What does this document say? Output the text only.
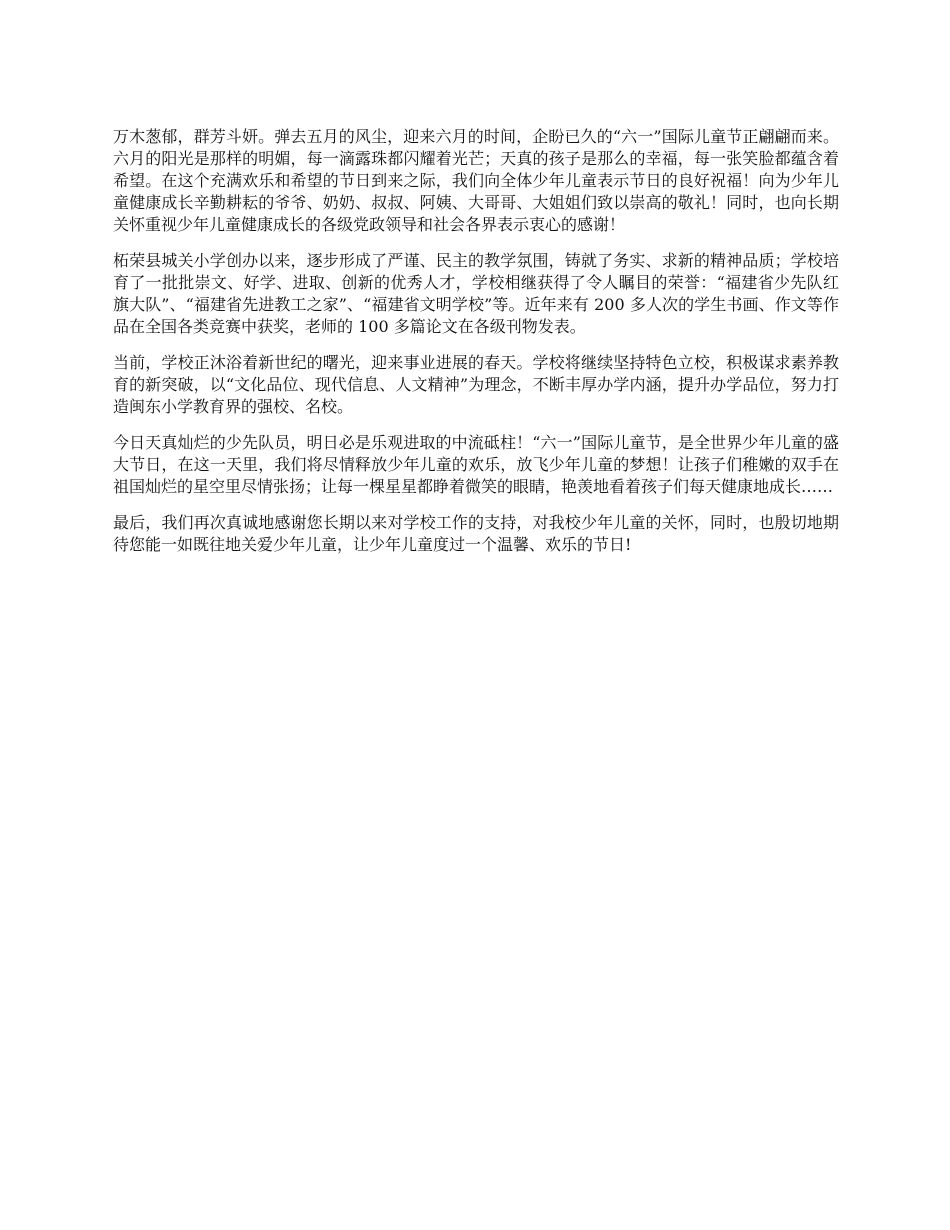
万木葱郁，群芳斗妍。弹去五月的风尘，迎来六月的时间，企盼已久的“六一”国际儿童节正翩翩而来。六月的阳光是那样的明媚，每一滴露珠都闪耀着光芒；天真的孩子是那么的幸福，每一张笑脸都蕴含着希望。在这个充满欢乐和希望的节日到来之际，我们向全体少年儿童表示节日的良好祝福！向为少年儿童健康成长辛勤耕耘的爷爷、奶奶、叔叔、阿姨、大哥哥、大姐姐们致以崇高的敬礼！同时，也向长期关怀重视少年儿童健康成长的各级党政领导和社会各界表示衷心的感谢！

柘荣县城关小学创办以来，逐步形成了严谨、民主的教学氛围，铸就了务实、求新的精神品质；学校培育了一批批崇文、好学、进取、创新的优秀人才，学校相继获得了令人瞩目的荣誉：“福建省少先队红旗大队”、“福建省先进教工之家”、“福建省文明学校”等。近年来有 200 多人次的学生书画、作文等作品在全国各类竞赛中获奖，老师的 100 多篇论文在各级刊物发表。

当前，学校正沐浴着新世纪的曙光，迎来事业进展的春天。学校将继续坚持特色立校，积极谋求素养教育的新突破，以“文化品位、现代信息、人文精神”为理念，不断丰厚办学内涵，提升办学品位，努力打造闽东小学教育界的强校、名校。

今日天真灿烂的少先队员，明日必是乐观进取的中流砥柱！“六一”国际儿童节，是全世界少年儿童的盛大节日，在这一天里，我们将尽情释放少年儿童的欢乐，放飞少年儿童的梦想！让孩子们稚嫩的双手在祖国灿烂的星空里尽情张扬；让每一棵星星都睁着微笑的眼睛，艳羡地看着孩子们每天健康地成长……

最后，我们再次真诚地感谢您长期以来对学校工作的支持，对我校少年儿童的关怀，同时，也殷切地期待您能一如既往地关爱少年儿童，让少年儿童度过一个温馨、欢乐的节日!
